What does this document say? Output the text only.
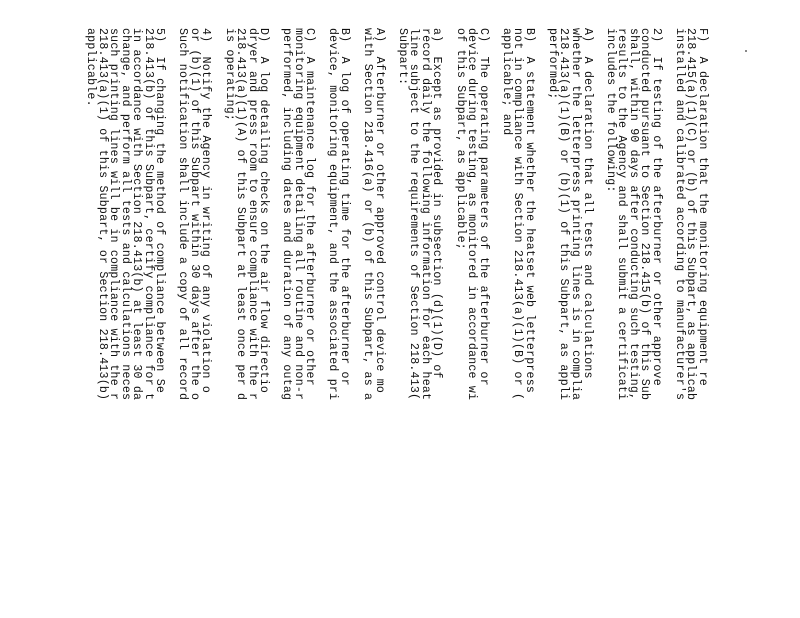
F)  A declaration that the monitoring equipment re
218.415(a)(1)(C) or (b) of this Subpart, as applicab
installed and calibrated according to manufacturer's
2)  If testing of the afterburner or other approve
conducted pursuant to Section 218.415(b) of this Sub
shall, within 90 days after conducting such testing,
results to the Agency and shall submit a certificati
includes the following:
A)  A declaration that all tests and calculations
whether the letterpress printing lines is in complia
218.413(a)(1)(B) or (b)(1) of this Subpart, as appli
performed;
B)  A statement whether the heatset web letterpress
not in compliance with Section 218.413(a)(1)(B) or (
applicable; and
C)  The operating parameters of the afterburner or
device during testing, as monitored in accordance wi
of this Subpart, as applicable;
a)  Except as provided in subsection (d)(1)(D) of
record daily the following information for each heat
line subject to the requirements of Section 218.413(
Subpart:
A)  Afterburner or other approved control device mo
with Section 218.416(a) or (b) of this Subpart, as a
B)  A log of operating time for the afterburner or
device, monitoring equipment, and the associated pri
C)  A maintenance log for the afterburner or other
monitoring equipment detailing all routine and non-r
performed, including dates and duration of any outag
D)  A log detailing checks on the air flow directio
dryer and press room to ensure compliance with the r
218.413(a)(1)(A) of this Subpart at least once per d
is operating;
4)  Notify the Agency in writing of any violation o
or (b)(1) of this Subpart within 30 days after the o
Such notification shall include a copy of all record
5)  If changing the method of compliance between Se
218.413(b) of this Subpart, certify compliance for t
in accordance with Section 218.413(b) at least 30 da
change, and perform all tests and calculations neces
such printing lines will be in compliance with the r
218.413(a)(1) of this Subpart, or Section 218.413(b)
applicable.
